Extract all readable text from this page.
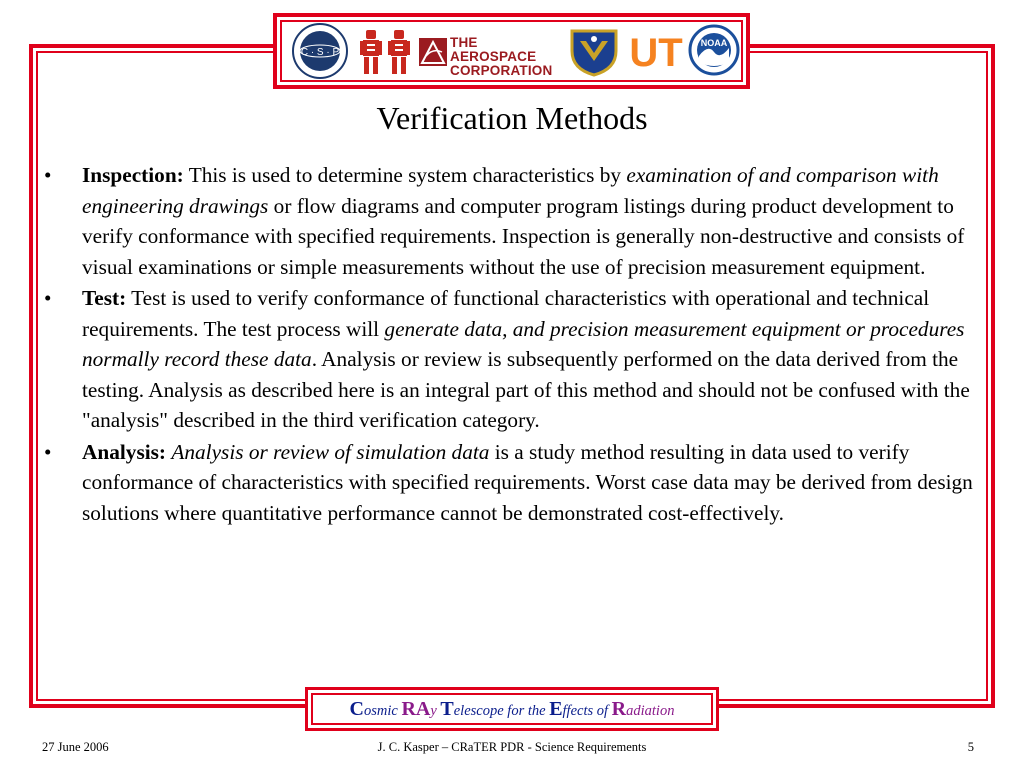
C · S · P
THE AEROSPACE
CORPORATION UT NOAA
Verification Methods
• Inspection: This is used to determine system characteristics by examination of and comparison with engineering drawings or flow diagrams and computer program listings during product development to verify conformance with specified requirements. Inspection is generally non-destructive and consists of visual examinations or simple measurements without the use of precision measurement equipment.
• Test: Test is used to verify conformance of functional characteristics with operational and technical requirements. The test process will generate data, and precision measurement equipment or procedures normally record these data. Analysis or review is subsequently performed on the data derived from the testing. Analysis as described here is an integral part of this method and should not be confused with the "analysis" described in the third verification category.
• Analysis: Analysis or review of simulation data is a study method resulting in data used to verify conformance of characteristics with specified requirements. Worst case data may be derived from design solutions where quantitative performance cannot be demonstrated cost-effectively.
Cosmic RAy Telescope for the Effects of Radiation
27 June 2006	J. C. Kasper – CRaTER PDR - Science Requirements	5
